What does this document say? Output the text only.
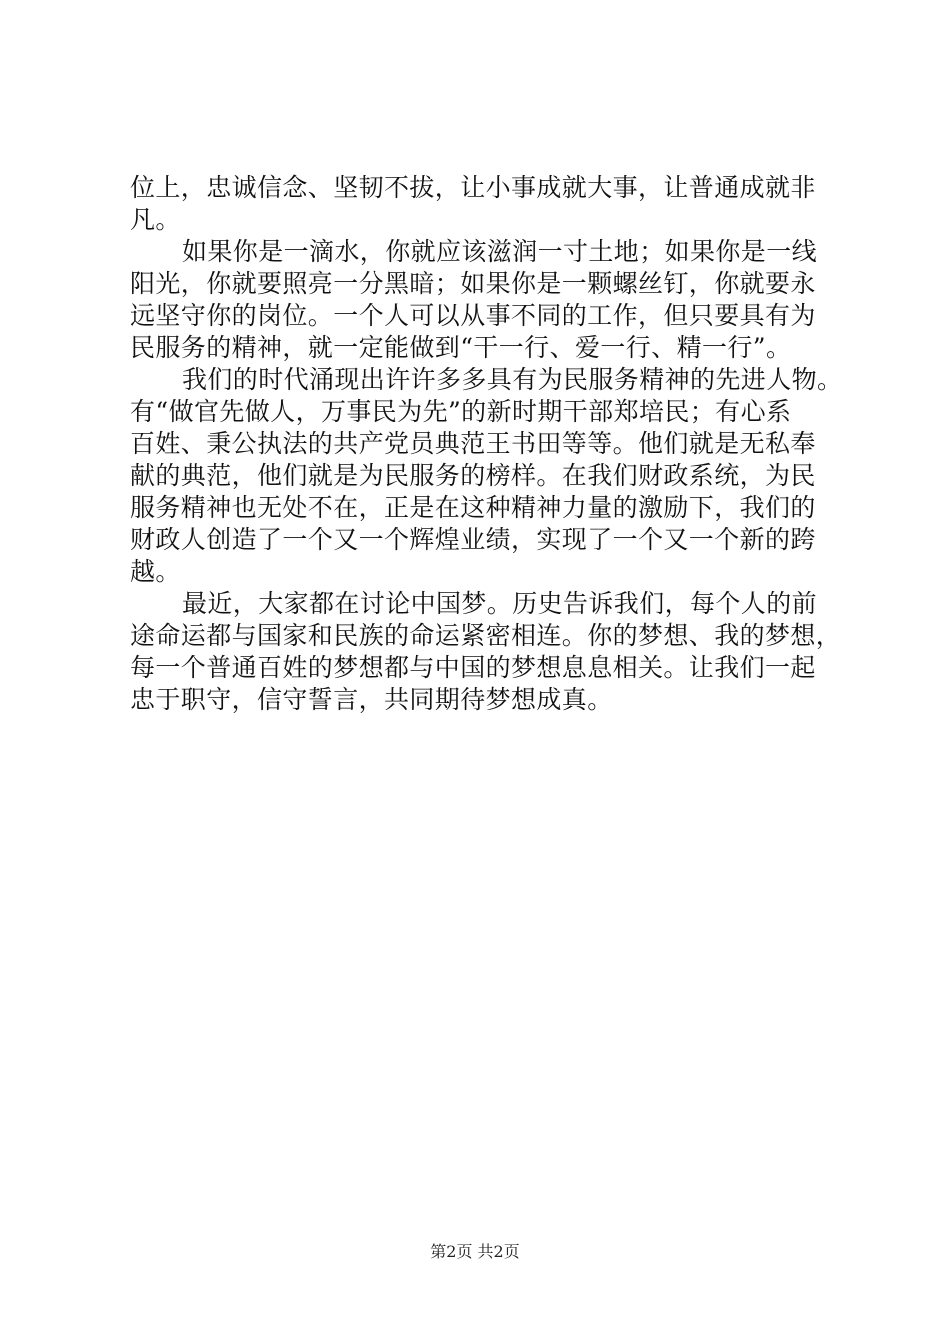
位上，忠诚信念、坚韧不拔，让小事成就大事，让普通成就非
凡。
如果你是一滴水，你就应该滋润一寸土地；如果你是一线
阳光，你就要照亮一分黑暗；如果你是一颗螺丝钉，你就要永
远坚守你的岗位。一个人可以从事不同的工作，但只要具有为
民服务的精神，就一定能做到“干一行、爱一行、精一行”。
我们的时代涌现出许许多多具有为民服务精神的先进人物。
有“做官先做人，万事民为先”的新时期干部郑培民；有心系
百姓、秉公执法的共产党员典范王书田等等。他们就是无私奉
献的典范，他们就是为民服务的榜样。在我们财政系统，为民
服务精神也无处不在，正是在这种精神力量的激励下，我们的
财政人创造了一个又一个辉煌业绩，实现了一个又一个新的跨
越。
最近，大家都在讨论中国梦。历史告诉我们，每个人的前
途命运都与国家和民族的命运紧密相连。你的梦想、我的梦想，
每一个普通百姓的梦想都与中国的梦想息息相关。让我们一起
忠于职守，信守誓言，共同期待梦想成真。
第2页 共2页
